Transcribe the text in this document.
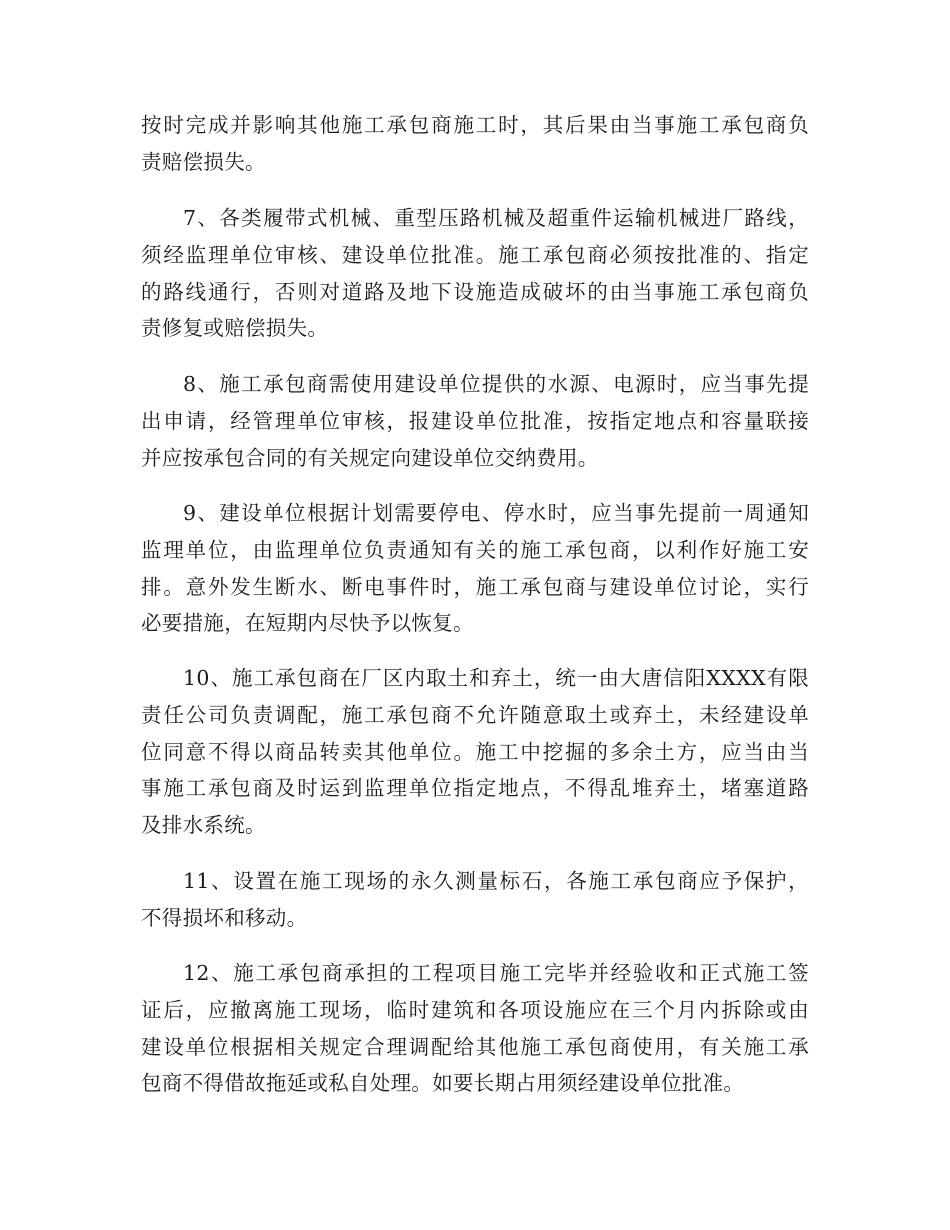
按时完成并影响其他施工承包商施工时，其后果由当事施工承包商负
责赔偿损失。
7、各类履带式机械、重型压路机械及超重件运输机械进厂路线，
须经监理单位审核、建设单位批准。施工承包商必须按批准的、指定
的路线通行，否则对道路及地下设施造成破坏的由当事施工承包商负
责修复或赔偿损失。
8、施工承包商需使用建设单位提供的水源、电源时，应当事先提
出申请，经管理单位审核，报建设单位批准，按指定地点和容量联接
并应按承包合同的有关规定向建设单位交纳费用。
9、建设单位根据计划需要停电、停水时，应当事先提前一周通知
监理单位，由监理单位负责通知有关的施工承包商，以利作好施工安
排。意外发生断水、断电事件时，施工承包商与建设单位讨论，实行
必要措施，在短期内尽快予以恢复。
10、施工承包商在厂区内取土和弃土，统一由大唐信阳XXXX有限
责任公司负责调配，施工承包商不允许随意取土或弃土，未经建设单
位同意不得以商品转卖其他单位。施工中挖掘的多余土方，应当由当
事施工承包商及时运到监理单位指定地点，不得乱堆弃土，堵塞道路
及排水系统。
11、设置在施工现场的永久测量标石，各施工承包商应予保护，
不得损坏和移动。
12、施工承包商承担的工程项目施工完毕并经验收和正式施工签
证后，应撤离施工现场，临时建筑和各项设施应在三个月内拆除或由
建设单位根据相关规定合理调配给其他施工承包商使用，有关施工承
包商不得借故拖延或私自处理。如要长期占用须经建设单位批准。
